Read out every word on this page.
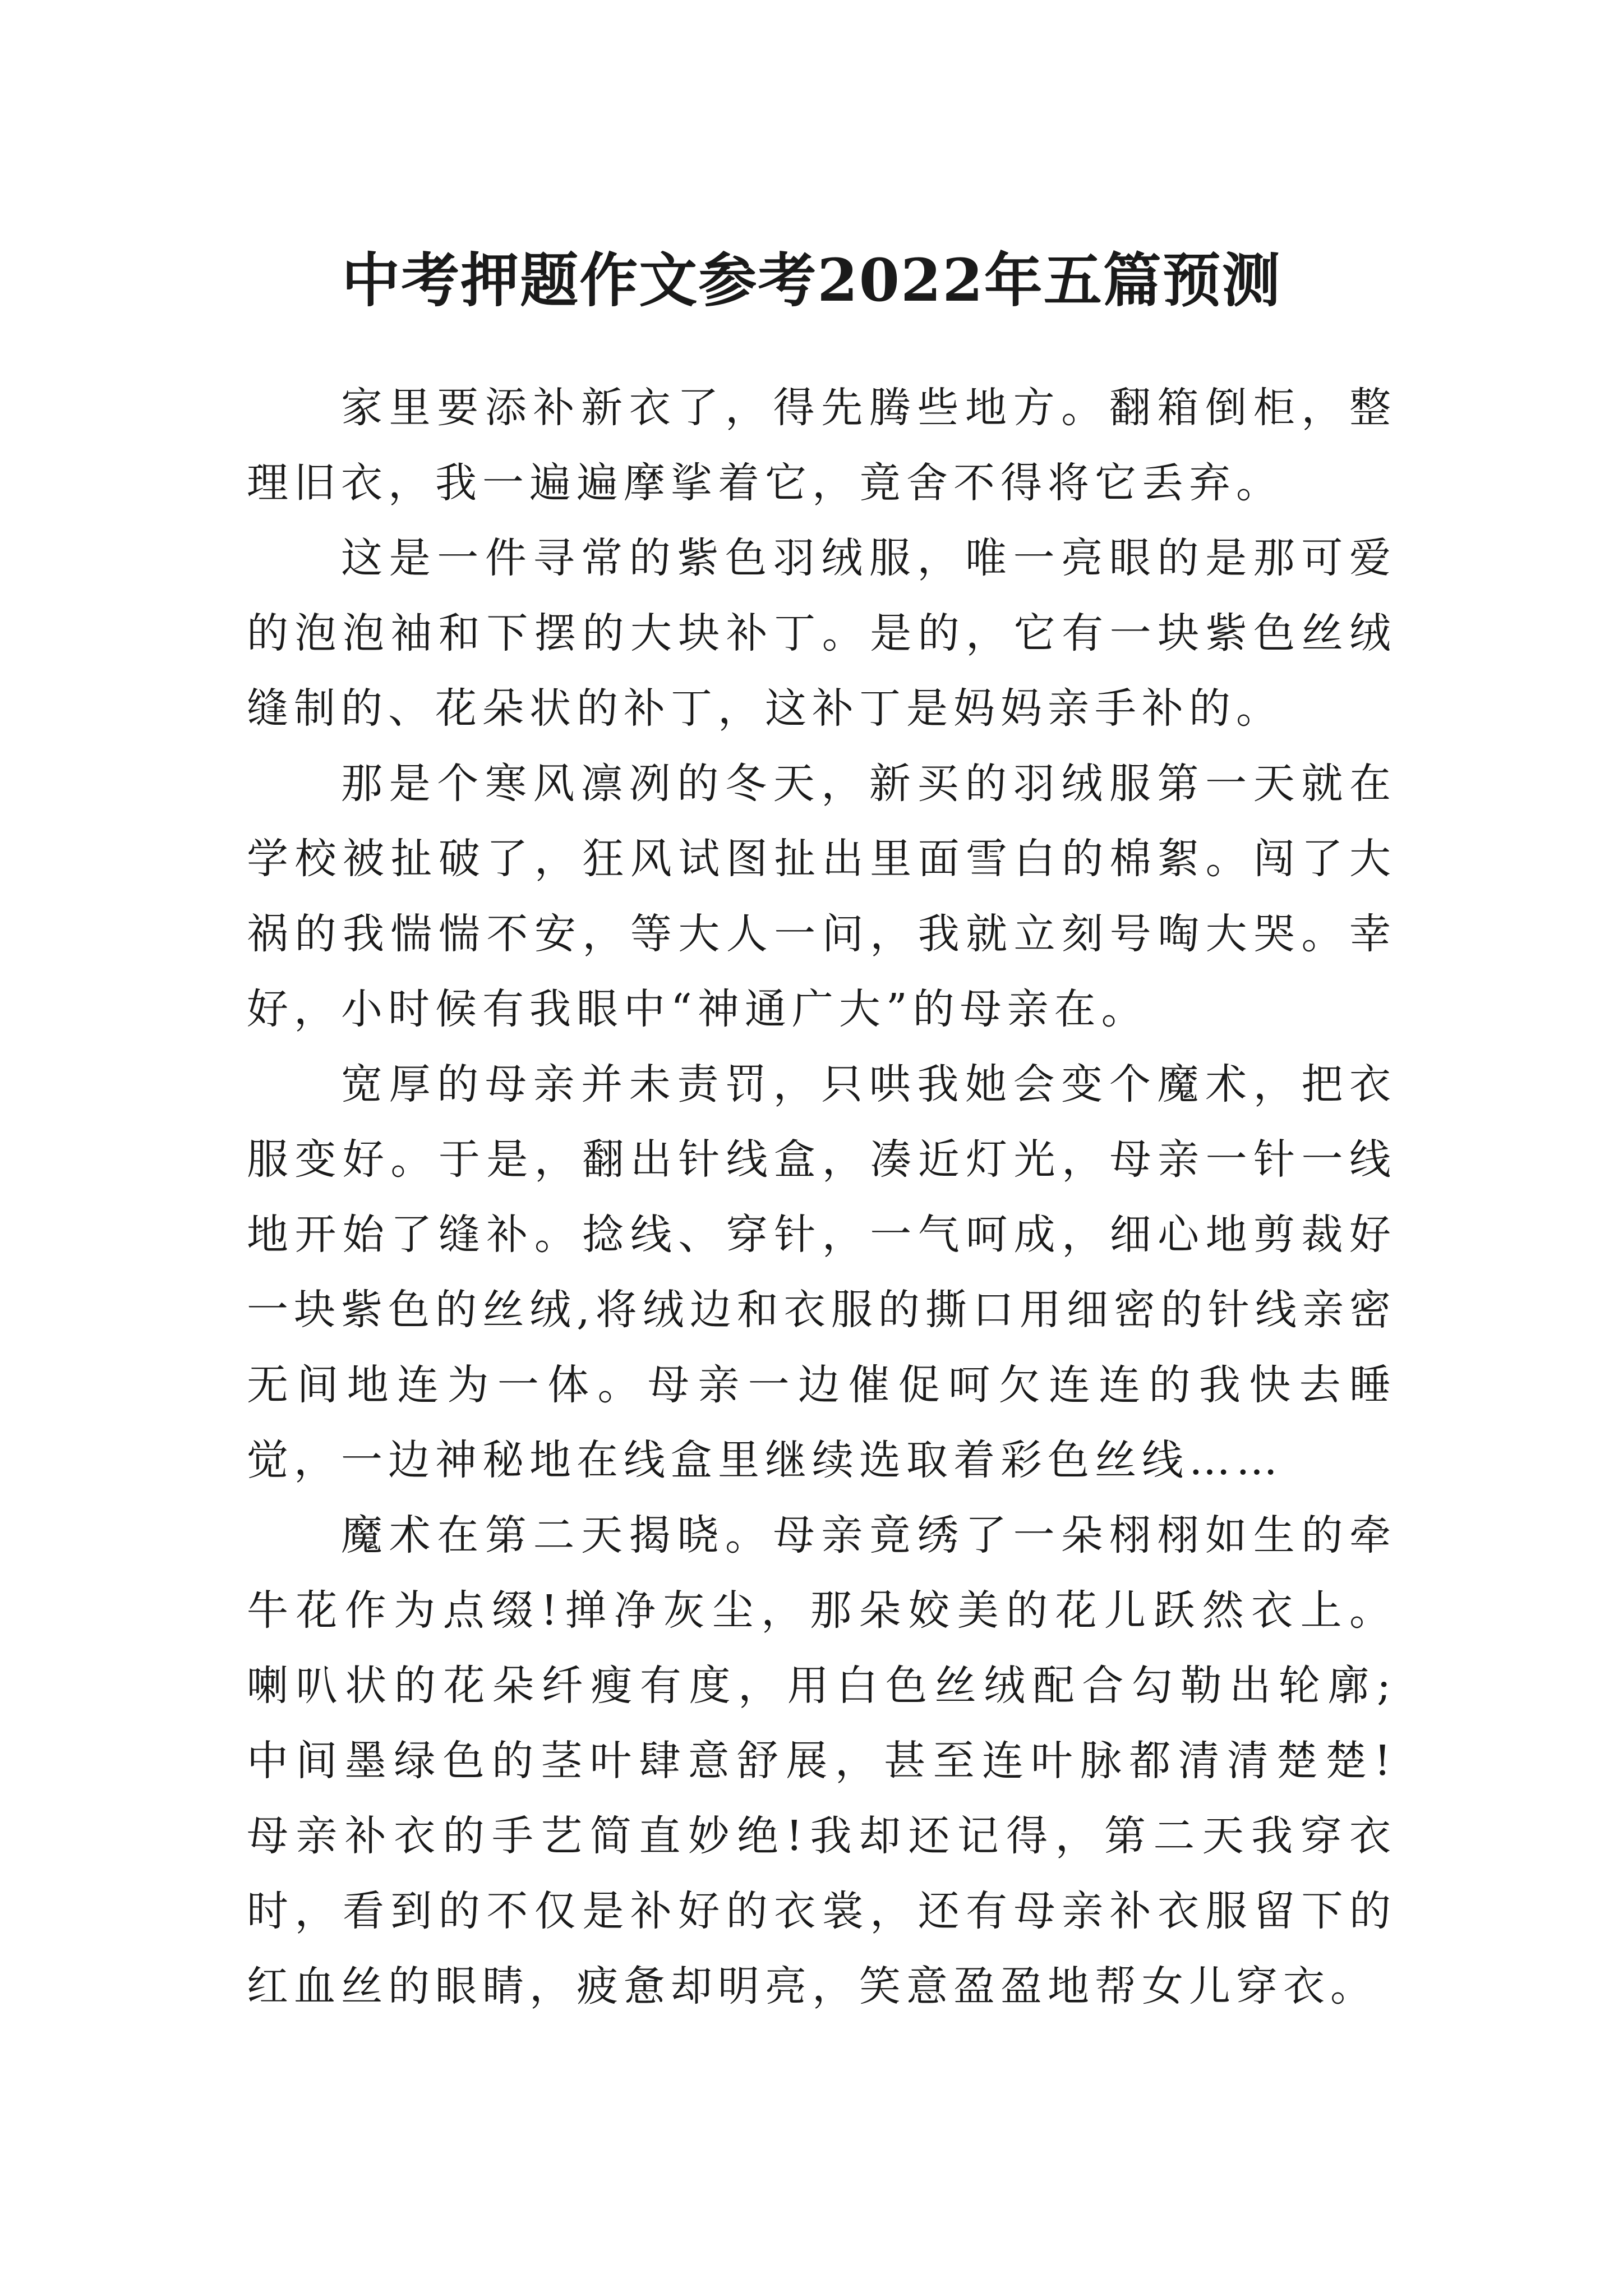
中考押题作文参考2022年五篇预测

家里要添补新衣了，得先腾些地方。翻箱倒柜，整理旧衣，我一遍遍摩挲着它，竟舍不得将它丢弃。

这是一件寻常的紫色羽绒服，唯一亮眼的是那可爱的泡泡袖和下摆的大块补丁。是的，它有一块紫色丝绒缝制的、花朵状的补丁，这补丁是妈妈亲手补的。

那是个寒风凛冽的冬天，新买的羽绒服第一天就在学校被扯破了，狂风试图扯出里面雪白的棉絮。闯了大祸的我惴惴不安，等大人一问，我就立刻号啕大哭。幸好，小时候有我眼中“神通广大”的母亲在。

宽厚的母亲并未责罚，只哄我她会变个魔术，把衣服变好。于是，翻出针线盒，凑近灯光，母亲一针一线地开始了缝补。捻线、穿针，一气呵成，细心地剪裁好一块紫色的丝绒,将绒边和衣服的撕口用细密的针线亲密无间地连为一体。母亲一边催促呵欠连连的我快去睡觉，一边神秘地在线盒里继续选取着彩色丝线……

魔术在第二天揭晓。母亲竟绣了一朵栩栩如生的牵牛花作为点缀!掸净灰尘，那朵姣美的花儿跃然衣上。喇叭状的花朵纤瘦有度，用白色丝绒配合勾勒出轮廓;中间墨绿色的茎叶肆意舒展，甚至连叶脉都清清楚楚!母亲补衣的手艺简直妙绝!我却还记得，第二天我穿衣时，看到的不仅是补好的衣裳，还有母亲补衣服留下的红血丝的眼睛，疲惫却明亮，笑意盈盈地帮女儿穿衣。
